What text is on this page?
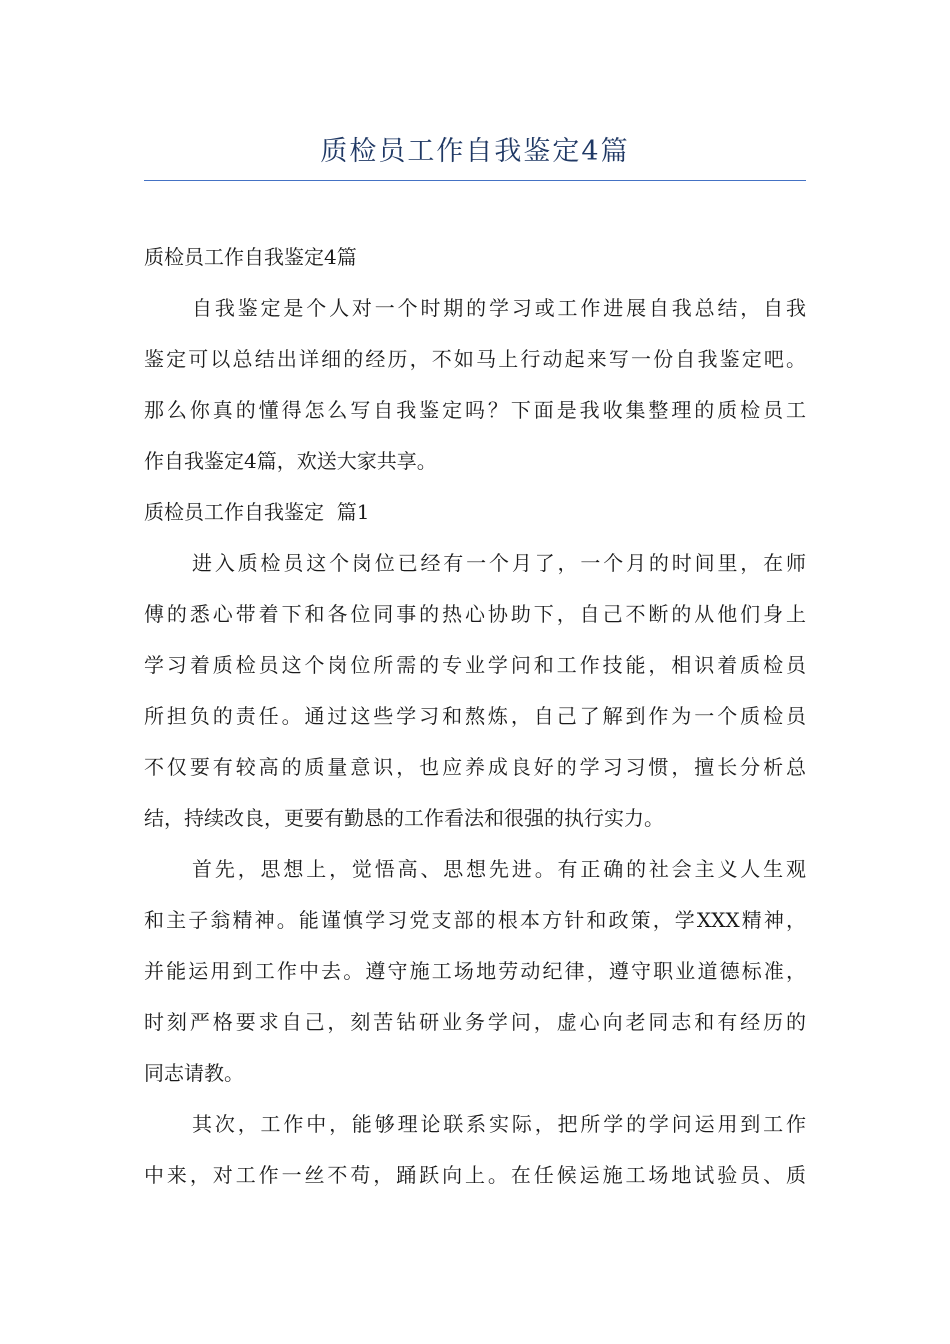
质检员工作自我鉴定4篇
质检员工作自我鉴定4篇
自我鉴定是个人对一个时期的学习或工作进展自我总结，自我
鉴定可以总结出详细的经历，不如马上行动起来写一份自我鉴定吧。
那么你真的懂得怎么写自我鉴定吗？下面是我收集整理的质检员工
作自我鉴定4篇，欢送大家共享。
质检员工作自我鉴定  篇1
进入质检员这个岗位已经有一个月了，一个月的时间里，在师
傅的悉心带着下和各位同事的热心协助下，自己不断的从他们身上
学习着质检员这个岗位所需的专业学问和工作技能，相识着质检员
所担负的责任。通过这些学习和熬炼，自己了解到作为一个质检员
不仅要有较高的质量意识，也应养成良好的学习习惯，擅长分析总
结，持续改良，更要有勤恳的工作看法和很强的执行实力。
首先，思想上，觉悟高、思想先进。有正确的社会主义人生观
和主子翁精神。能谨慎学习党支部的根本方针和政策，学XXX精神，
并能运用到工作中去。遵守施工场地劳动纪律，遵守职业道德标准，
时刻严格要求自己，刻苦钻研业务学问，虚心向老同志和有经历的
同志请教。
其次，工作中，能够理论联系实际，把所学的学问运用到工作
中来，对工作一丝不苟，踊跃向上。在任候运施工场地试验员、质
